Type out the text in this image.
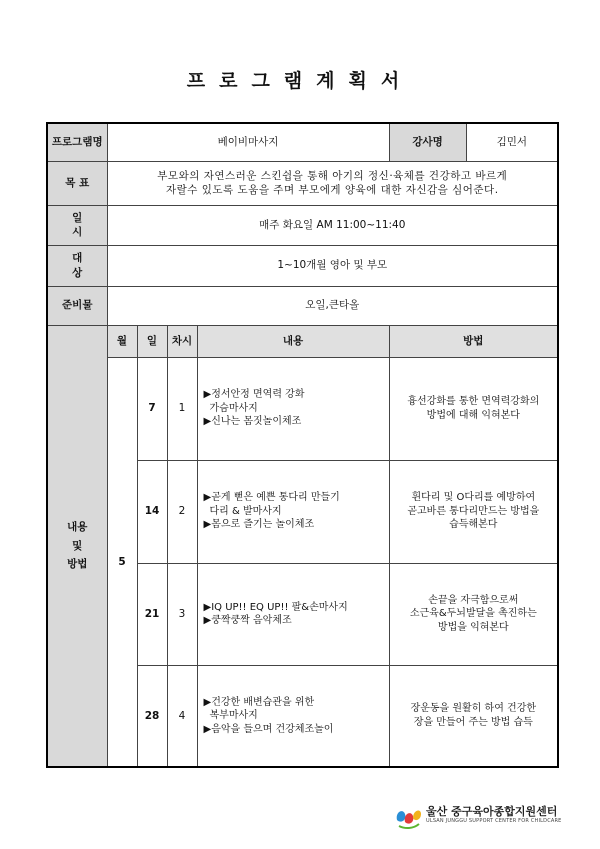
프로그램계획서
프로그램명	베이비마사지				강사명	김민서
목 표	부모와의 자연스러운 스킨쉽을 통해 아기의 정신·육체를 건강하고 바르게
자랄수 있도록 도움을 주며 부모에게 양육에 대한 자신감을 심어준다.					

일 시	매주 화요일 AM 11:00~11:40					
대 상	1~10개월 영아 및 부모					
준비물	오일,큰타올					

내용
및
방법	월	일	차시	내용	방법	
	5	7	1	▶정서안정 면역력 강화
가슴마사지
▶신나는 몸짓놀이체조	흉선강화를 통한 면역력강화의
방법에 대해 익혀본다	

		14	2	▶곧게 뻗은 예쁜 통다리 만들기
다리 & 발마사지
▶몸으로 즐기는 놀이체조	휜다리 및 O다리를 예방하여
곧고바른 통다리만드는 방법을
습득해본다	

		21	3	▶IQ UP!! EQ UP!! 팔&손마사지
▶쿵짝쿵짝 음악체조	손끝을 자극함으로써
소근육&두뇌발달을 촉진하는
방법을 익혀본다	

		28	4	▶건강한 배변습관을 위한
복부마사지
▶음악을 들으며 건강체조놀이	장운동을 원활히 하여 건강한
장을 만들어 주는 방법 습득	
울산 중구육아종합지원센터
ULSAN JUNGGU SUPPORT CENTER FOR CHILDCARE
